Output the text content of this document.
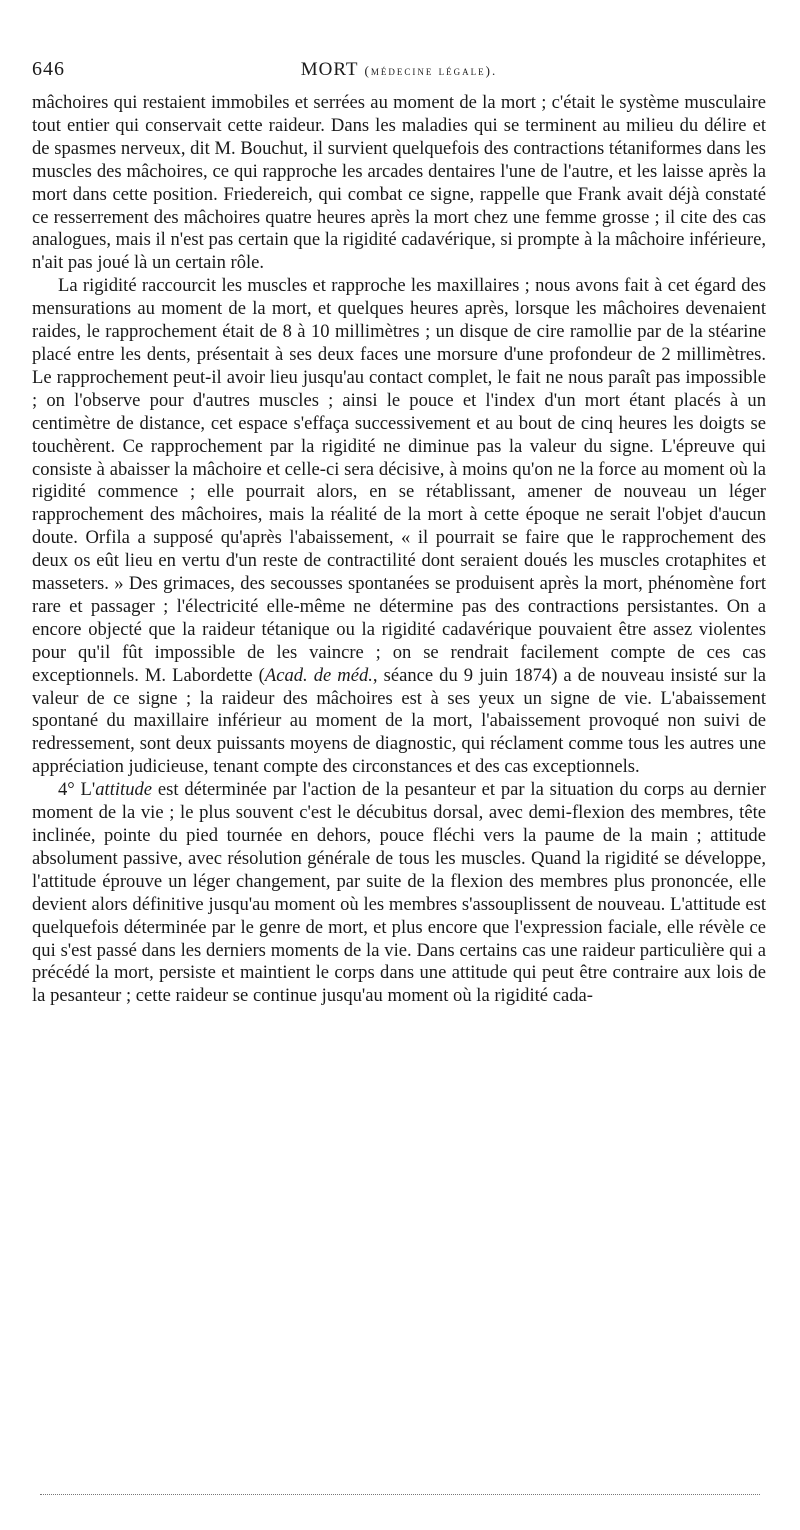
646	MORT (médecine légale).

mâchoires qui restaient immobiles et serrées au moment de la mort ; c'était le système musculaire tout entier qui conservait cette raideur. Dans les maladies qui se terminent au milieu du délire et de spasmes nerveux, dit M. Bouchut, il survient quelquefois des contractions tétaniformes dans les muscles des mâchoires, ce qui rapproche les arcades dentaires l'une de l'autre, et les laisse après la mort dans cette position. Friedereich, qui combat ce signe, rappelle que Frank avait déjà constaté ce resserrement des mâchoires quatre heures après la mort chez une femme grosse ; il cite des cas analogues, mais il n'est pas certain que la rigidité cadavérique, si prompte à la mâchoire inférieure, n'ait pas joué là un certain rôle.

La rigidité raccourcit les muscles et rapproche les maxillaires ; nous avons fait à cet égard des mensurations au moment de la mort, et quelques heures après, lorsque les mâchoires devenaient raides, le rapprochement était de 8 à 10 millimètres ; un disque de cire ramollie par de la stéarine placé entre les dents, présentait à ses deux faces une morsure d'une profondeur de 2 millimètres. Le rapprochement peut-il avoir lieu jusqu'au contact complet, le fait ne nous paraît pas impossible ; on l'observe pour d'autres muscles ; ainsi le pouce et l'index d'un mort étant placés à un centimètre de distance, cet espace s'effaça successivement et au bout de cinq heures les doigts se touchèrent. Ce rapprochement par la rigidité ne diminue pas la valeur du signe. L'épreuve qui consiste à abaisser la mâchoire et celle-ci sera décisive, à moins qu'on ne la force au moment où la rigidité commence ; elle pourrait alors, en se rétablissant, amener de nouveau un léger rapprochement des mâchoires, mais la réalité de la mort à cette époque ne serait l'objet d'aucun doute. Orfila a supposé qu'après l'abaissement, « il pourrait se faire que le rapprochement des deux os eût lieu en vertu d'un reste de contractilité dont seraient doués les muscles crotaphites et masseters. » Des grimaces, des secousses spontanées se produisent après la mort, phénomène fort rare et passager ; l'électricité elle-même ne détermine pas des contractions persistantes. On a encore objecté que la raideur tétanique ou la rigidité cadavérique pouvaient être assez violentes pour qu'il fût impossible de les vaincre ; on se rendrait facilement compte de ces cas exceptionnels. M. Labordette (Acad. de méd., séance du 9 juin 1874) a de nouveau insisté sur la valeur de ce signe ; la raideur des mâchoires est à ses yeux un signe de vie. L'abaissement spontané du maxillaire inférieur au moment de la mort, l'abaissement provoqué non suivi de redressement, sont deux puissants moyens de diagnostic, qui réclament comme tous les autres une appréciation judicieuse, tenant compte des circonstances et des cas exceptionnels.

4° L'attitude est déterminée par l'action de la pesanteur et par la situation du corps au dernier moment de la vie ; le plus souvent c'est le décubitus dorsal, avec demi-flexion des membres, tête inclinée, pointe du pied tournée en dehors, pouce fléchi vers la paume de la main ; attitude absolument passive, avec résolution générale de tous les muscles. Quand la rigidité se développe, l'attitude éprouve un léger changement, par suite de la flexion des membres plus prononcée, elle devient alors définitive jusqu'au moment où les membres s'assouplissent de nouveau. L'attitude est quelquefois déterminée par le genre de mort, et plus encore que l'expression faciale, elle révèle ce qui s'est passé dans les derniers moments de la vie. Dans certains cas une raideur particulière qui a précédé la mort, persiste et maintient le corps dans une attitude qui peut être contraire aux lois de la pesanteur ; cette raideur se continue jusqu'au moment où la rigidité cada-
